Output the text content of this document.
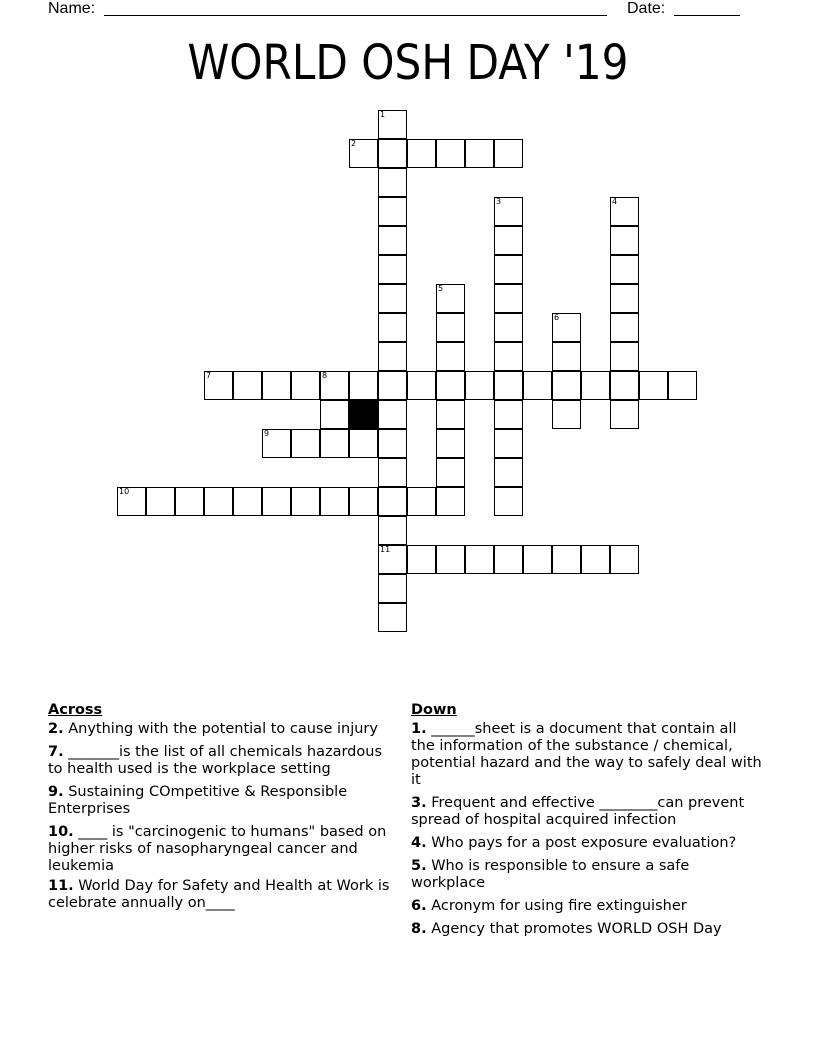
Name:	Date:
WORLD OSH DAY '19
2
7	8
9
10
11
1
3	4
5
6
Across
2. Anything with the potential to cause injury
7. _______is the list of all chemicals hazardous to health used is the workplace setting
9. Sustaining COmpetitive & Responsible Enterprises
10. ____ is "carcinogenic to humans" based on higher risks of nasopharyngeal cancer and leukemia
11. World Day for Safety and Health at Work is celebrate annually on____
Down
1. ______sheet is a document that contain all the information of the substance / chemical, potential hazard and the way to safely deal with it
3. Frequent and effective ________can prevent spread of hospital acquired infection
4. Who pays for a post exposure evaluation?
5. Who is responsible to ensure a safe workplace
6. Acronym for using fire extinguisher
8. Agency that promotes WORLD OSH Day
